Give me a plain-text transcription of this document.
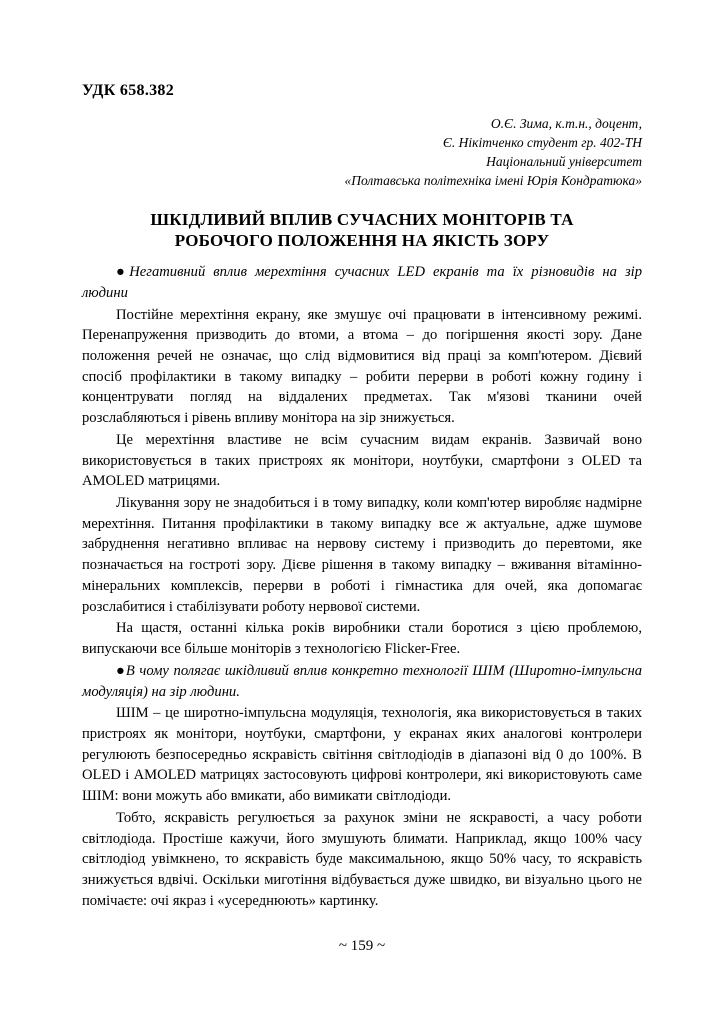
УДК 658.382
О.Є. Зима, к.т.н., доцент,
Є. Нікітченко студент гр. 402-ТН
Національний університет
«Полтавська політехніка імені Юрія Кондратюка»
ШКІДЛИВИЙ ВПЛИВ СУЧАСНИХ МОНІТОРІВ ТА
РОБОЧОГО ПОЛОЖЕННЯ НА ЯКІСТЬ ЗОРУ

●Негативний вплив мерехтіння сучасних LED екранів та їх різновидів на зір людини

Постійне мерехтіння екрану, яке змушує очі працювати в інтенсивному режимі. Перенапруження призводить до втоми, а втома – до погіршення якості зору. Дане положення речей не означає, що слід відмовитися від праці за комп'ютером. Дієвий спосіб профілактики в такому випадку – робити перерви в роботі кожну годину і концентрувати погляд на віддалених предметах. Так м'язові тканини очей розслабляються і рівень впливу монітора на зір знижується.

Це мерехтіння властиве не всім сучасним видам екранів. Зазвичай воно використовується в таких пристроях як монітори, ноутбуки, смартфони з OLED та AMOLED матрицями.

Лікування зору не знадобиться і в тому випадку, коли комп'ютер виробляє надмірне мерехтіння. Питання профілактики в такому випадку все ж актуальне, адже шумове забруднення негативно впливає на нервову систему і призводить до перевтоми, яке позначається на гостроті зору. Дієве рішення в такому випадку – вживання вітамінно-мінеральних комплексів, перерви в роботі і гімнастика для очей, яка допомагає розслабитися і стабілізувати роботу нервової системи.

На щастя, останні кілька років виробники стали боротися з цією проблемою, випускаючи все більше моніторів з технологією Flicker-Free.

●В чому полягає шкідливий вплив конкретно технології ШІМ (Широтно-імпульсна модуляція) на зір людини.

ШІМ – це широтно-імпульсна модуляція, технологія, яка використовується в таких пристроях як монітори, ноутбуки, смартфони, у екранах яких аналогові контролери регулюють безпосередньо яскравість світіння світлодіодів в діапазоні від 0 до 100%. В OLED і AMOLED матрицях застосовують цифрові контролери, які використовують саме ШІМ: вони можуть або вмикати, або вимикати світлодіоди.

Тобто, яскравість регулюється за рахунок зміни не яскравості, а часу роботи світлодіода. Простіше кажучи, його змушують блимати. Наприклад, якщо 100% часу світлодіод увімкнено, то яскравість буде максимальною, якщо 50% часу, то яскравість знижується вдвічі. Оскільки миготіння відбувається дуже швидко, ви візуально цього не помічаєте: очі якраз і «усереднюють» картинку.

~ 159 ~
